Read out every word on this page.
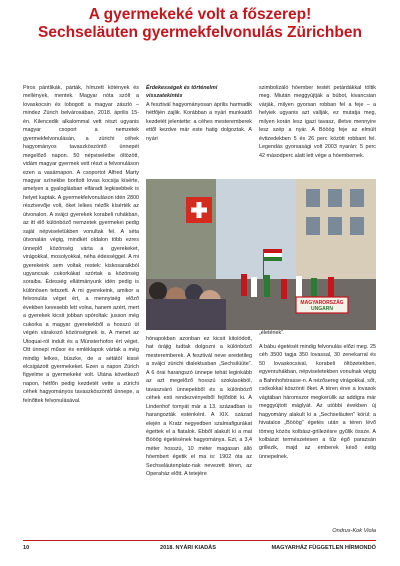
A gyermekeké volt a főszerep!
Sechseläuten gyermekfelvonulás Zürichben

Piros pántlikák, párták, hímzett kötények és mellények, mentek. Magyar nóta szólt a lovaskocsin és lobogott a magyar zászló – mindez Zürich belvárosában, 2018. április 15-én. Kilencedik alkalommal vett részt ugyanis magyar csoport a nemzetek gyermekfelvonulásán, a zürichi céhek hagyományos tavaszköszöntő ünnepét megelőző napon. 50 népviseletbe öltözött, vidám magyar gyermek vett részt a felvonuláson ezen a vasárnapon. A csoportot Alfred Marty magyar színekbe borított lovas kocsija kísérte, amelyen a gyaloglásban elfáradt legkisebbek is helyet kaptak. A gyermekfelvonuláson idén 2800 résztvevője volt, öket lelkes nézők kísérték az útvonalon. A svájci gyerekek korabeli ruhákban, az itt élő különböző nemzetek gyermekei pedig saját népviseletükben vonultak fel. A séta útvonalán végig, mindkét oldalon több ezres ünneplő közönség várta a gyerekeket, virágokkal, mosolyokkal, néha édességgel. A mi gyerekeink sem voltak restek: kiskosaraikból ugyancsak cukorkákat szórtak a közönség soraiba. Édesség ellátmányunk idén pedig is különösen tetszett. A mi gyerekeink, amikor a felvonulás véget ért, a mennyiség előző években kevesebb lett volna, hanem azért, mert a gyerekek kicsit jobban spóroltak: jusson még cukorka a magyar gyerekekből a hosszú út végén várakozó közönségnek is. A menet az Utoquai-ról indult és a Münsterhofon ért véget. Ott ünnepi műsor és emléklapok vártak a még mindig lelkes, büszke, de a sétától kissé elcsigázott gyermekeket. Ezen a napon Zürich figyelme a gyermekeké volt. Utána következő napon, hétfőn pedig kezdetét vette a zürichi céhek hagyományos tavaszköszöntő ünnepe, a felnőttek felvonulásával.

Érdekességek és történelmi visszatekintés

A fesztivál hagyományosan április harmadik hétfőjén zajlik. Korábban a nyári munkaidő kezdetét jelentette: a céhes mesteremberek ettől kezdve már este hatig dolgoztak. A nyári

szimbolizáló hóember testét petárdákkal töltik meg. Miután meggyújtják a búbot, kivancsian várják, milyen gyorsan robban fel a feje – a helyiek ugyanis azt vallják, ez mutatja meg, milyen korán lesz igazi tavasz, illetve mennyire lesz szép a nyár. A Bööög feje az elmúlt évtizedekben 5 és 26 perc között robbant fel. Legendás gyorsasági volt 2003 nyarán: 5 perc 42 másodperc alatt lett vége a hóembernek.

MAGYARORSZÁG
UNGARN

hónapokban azonban ez kicsit kitolódott, hat órájig tudtak dolgozni a különböző mesteremberek. A fesztivál neve eredetileg a svájci zürichi dialektusban „Sechsilüüte”. A 6 órai harangszó ünnepe tehát leginkább az azt megelőző hosszú szokásokból, tavaszváró ünnepekből és a különböző céhek esti rendezvényeiből fejlődött ki. A Lindenhof tornyát már a 13. században is harangozták esténként. A XIX. század elején a Kratz negyedben szalmafigurákat égettek el a fiatalok. Ebből alakult ki a mai Bööög égetésének hagyománya. Ezt, a 3,4 méter hosszú, 10 méter magasan álló hóembert égetik el ma is: 1902 óta az Sechseläutenplatz-nak nevezett téren, az Operaház előtt. A tetejére

„életének”.

A bábu égetését mindig felvonulás előzi meg. 25 céh 3500 tagja 350 lovassal, 30 zenekarral és 50 lovaskocsival, korabeli öltözetekben, egyenruhákban, népviseletekben vonulnak végig a Bahnhofstrasse-n. A nézősereg virágokkal, sőt, csókokkal köszönti őket. A téren érve a lovasok vágtában háromszor megkerülik az addigra már meggyújtott máglyát. Az utóbbi években új hagyomány alakult ki a „Sechseläuten” körül: a hivatalos „Bööög” égetés után a téren lévő tömeg közös kolbász-grillezésre gyűlik össze. A kolbászt természetesen a tűz égő parazsán grillezik, majd az emberek késő estig ünnepelnek.

Ondrus-Kok Viola
10	2018. NYÁRI KIADÁS	MAGYARHÁZ FÜGGETLEN HÍRMONDÓ
